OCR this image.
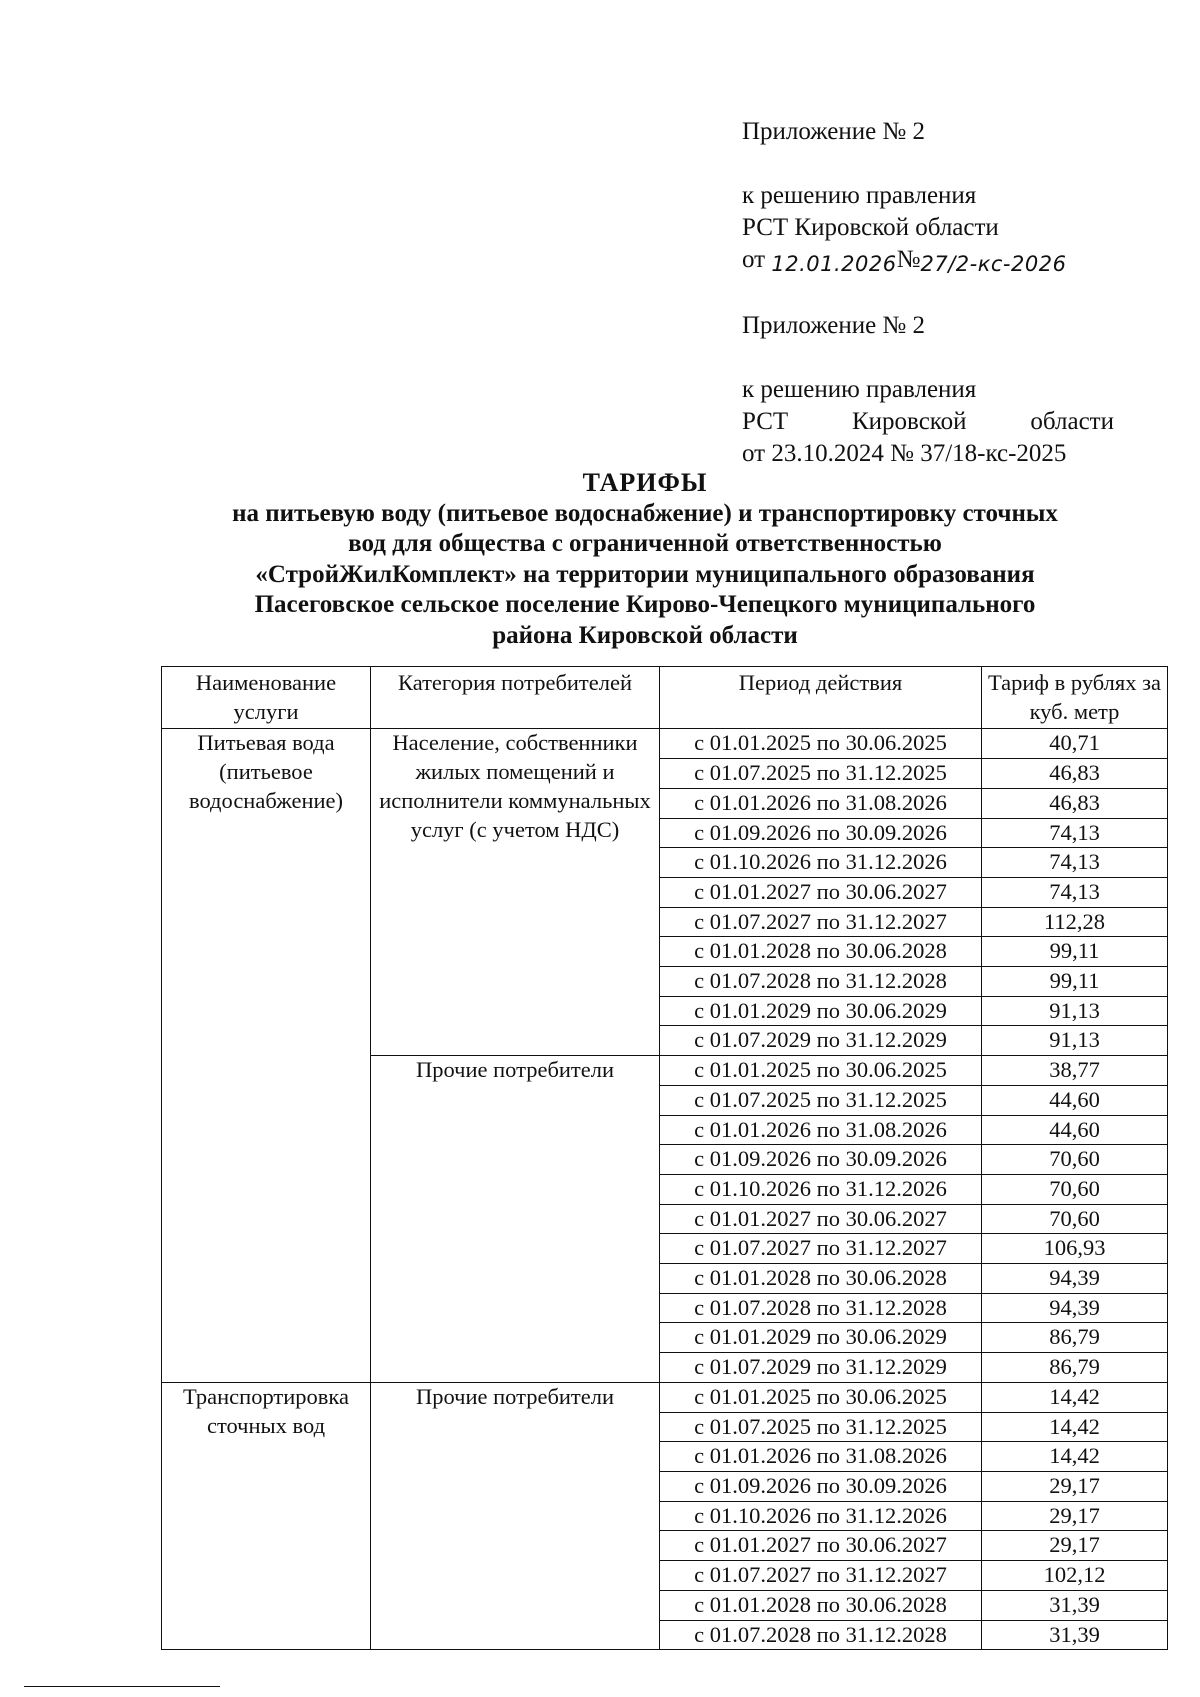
Приложение № 2
к решению правления
РСТ Кировской области
от 12.01.2026№27/2-кс-2026
Приложение № 2
к решению правления
РСТ	Кировской	области
от 23.10.2024 № 37/18-кс-2025
ТАРИФЫ
на питьевую воду (питьевое водоснабжение) и транспортировку сточных
вод для общества с ограниченной ответственностью
«СтройЖилКомплект» на территории муниципального образования
Пасеговское сельское поселение Кирово-Чепецкого муниципального
района Кировской области
Наименование услуги	Категория потребителей	Период действия	Тариф в рублях за куб. метр
Питьевая вода (питьевое водоснабжение)	Население, собственники жилых помещений и исполнители коммунальных услуг (с учетом НДС)	с 01.01.2025 по 30.06.2025	40,71
		с 01.07.2025 по 31.12.2025	46,83
		с 01.01.2026 по 31.08.2026	46,83
		с 01.09.2026 по 30.09.2026	74,13
		с 01.10.2026 по 31.12.2026	74,13
		с 01.01.2027 по 30.06.2027	74,13
		с 01.07.2027 по 31.12.2027	112,28
		с 01.01.2028 по 30.06.2028	99,11
		с 01.07.2028 по 31.12.2028	99,11
		с 01.01.2029 по 30.06.2029	91,13
		с 01.07.2029 по 31.12.2029	91,13
	Прочие потребители	с 01.01.2025 по 30.06.2025	38,77
		с 01.07.2025 по 31.12.2025	44,60
		с 01.01.2026 по 31.08.2026	44,60
		с 01.09.2026 по 30.09.2026	70,60
		с 01.10.2026 по 31.12.2026	70,60
		с 01.01.2027 по 30.06.2027	70,60
		с 01.07.2027 по 31.12.2027	106,93
		с 01.01.2028 по 30.06.2028	94,39
		с 01.07.2028 по 31.12.2028	94,39
		с 01.01.2029 по 30.06.2029	86,79
		с 01.07.2029 по 31.12.2029	86,79
Транспортировка сточных вод	Прочие потребители	с 01.01.2025 по 30.06.2025	14,42
		с 01.07.2025 по 31.12.2025	14,42
		с 01.01.2026 по 31.08.2026	14,42
		с 01.09.2026 по 30.09.2026	29,17
		с 01.10.2026 по 31.12.2026	29,17
		с 01.01.2027 по 30.06.2027	29,17
		с 01.07.2027 по 31.12.2027	102,12
		с 01.01.2028 по 30.06.2028	31,39
		с 01.07.2028 по 31.12.2028	31,39
